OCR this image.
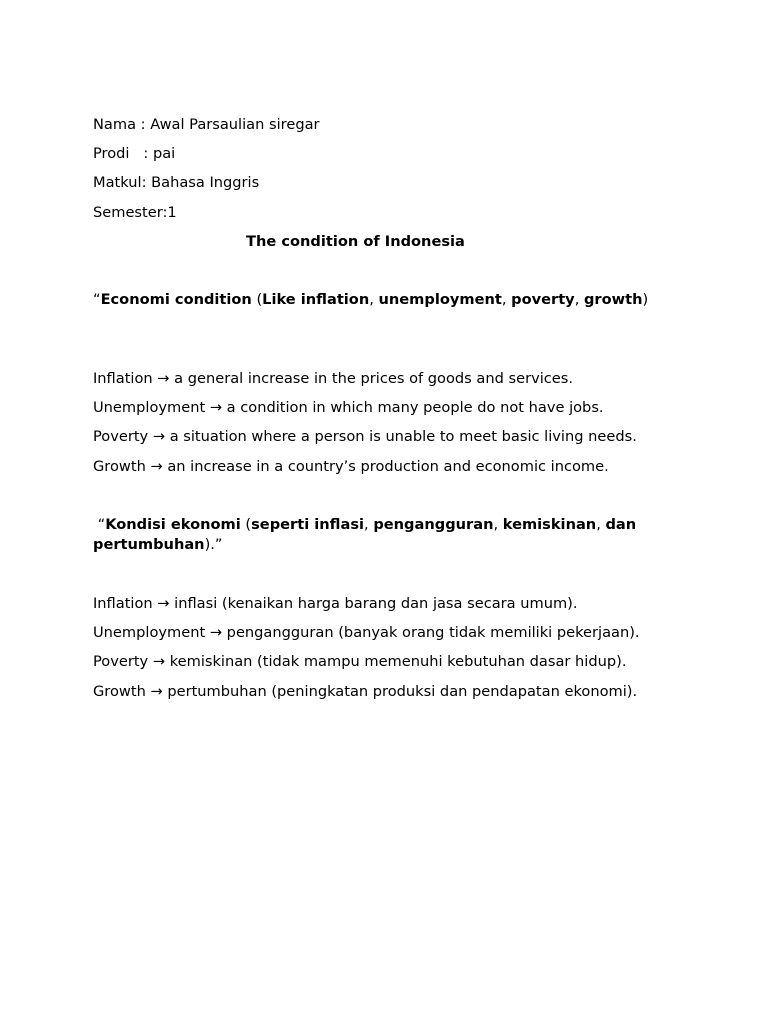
Nama : Awal Parsaulian siregar
Prodi   : pai
Matkul: Bahasa Inggris
Semester:1
The condition of Indonesia
“Economi condition (Like inflation, unemployment, poverty, growth)
Inflation → a general increase in the prices of goods and services.
Unemployment → a condition in which many people do not have jobs.
Poverty → a situation where a person is unable to meet basic living needs.
Growth → an increase in a country’s production and economic income.
“Kondisi ekonomi (seperti inflasi, pengangguran, kemiskinan, dan pertumbuhan).”
Inflation → inflasi (kenaikan harga barang dan jasa secara umum).
Unemployment → pengangguran (banyak orang tidak memiliki pekerjaan).
Poverty → kemiskinan (tidak mampu memenuhi kebutuhan dasar hidup).
Growth → pertumbuhan (peningkatan produksi dan pendapatan ekonomi).
